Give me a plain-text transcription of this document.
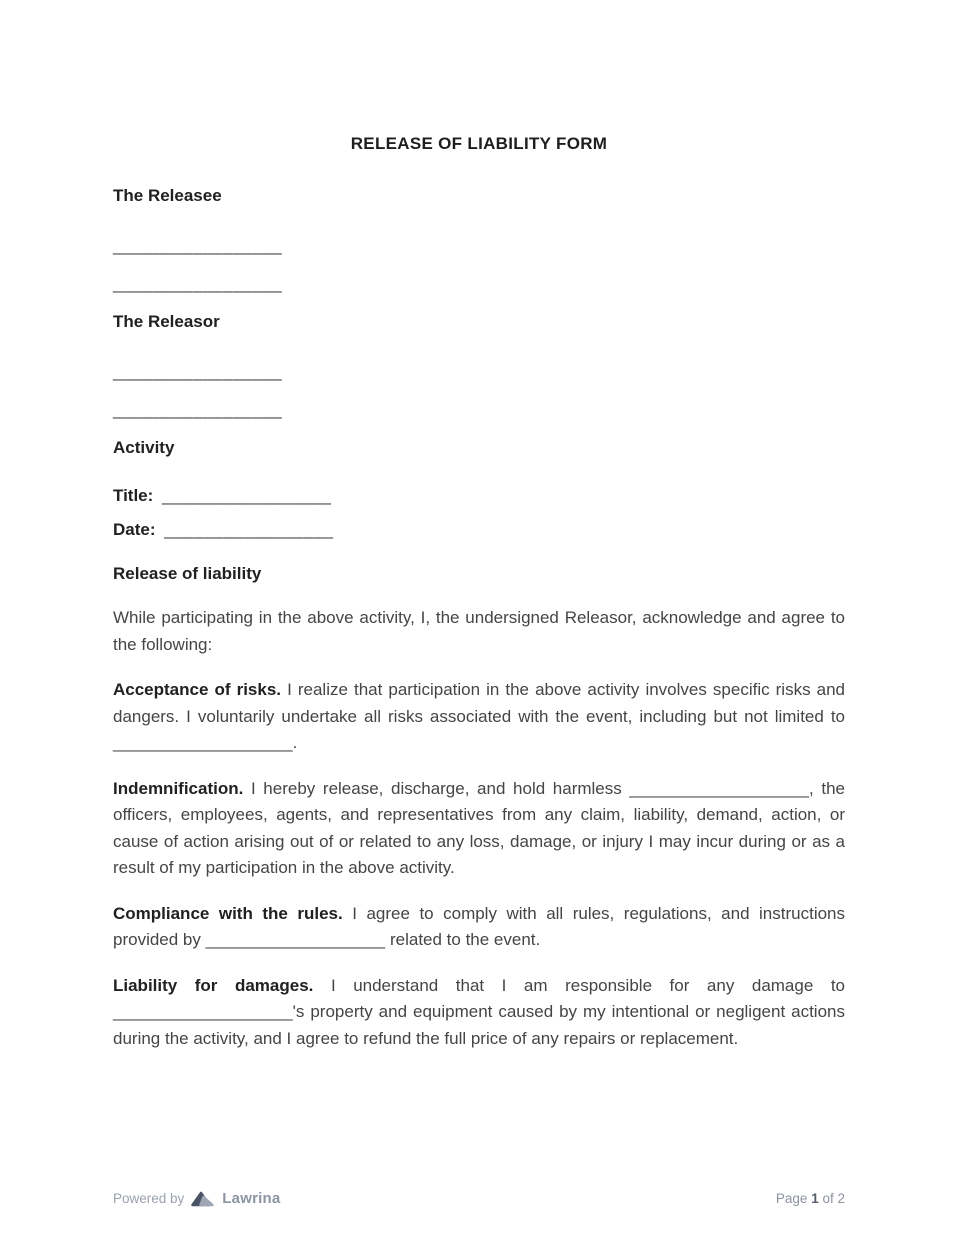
RELEASE OF LIABILITY FORM
The Releasee
_________________
_________________
The Releasor
_________________
_________________
Activity
Title: _________________
Date: _________________
Release of liability

While participating in the above activity, I, the undersigned Releasor, acknowledge and agree to the following:

Acceptance of risks. I realize that participation in the above activity involves specific risks and dangers. I voluntarily undertake all risks associated with the event, including but not limited to ___________________.

Indemnification. I hereby release, discharge, and hold harmless ___________________, the officers, employees, agents, and representatives from any claim, liability, demand, action, or cause of action arising out of or related to any loss, damage, or injury I may incur during or as a result of my participation in the above activity.

Compliance with the rules. I agree to comply with all rules, regulations, and instructions provided by ___________________ related to the event.

Liability for damages. I understand that I am responsible for any damage to ___________________'s property and equipment caused by my intentional or negligent actions during the activity, and I agree to refund the full price of any repairs or replacement.

Powered by	Lawrina	Page 1 of 2
